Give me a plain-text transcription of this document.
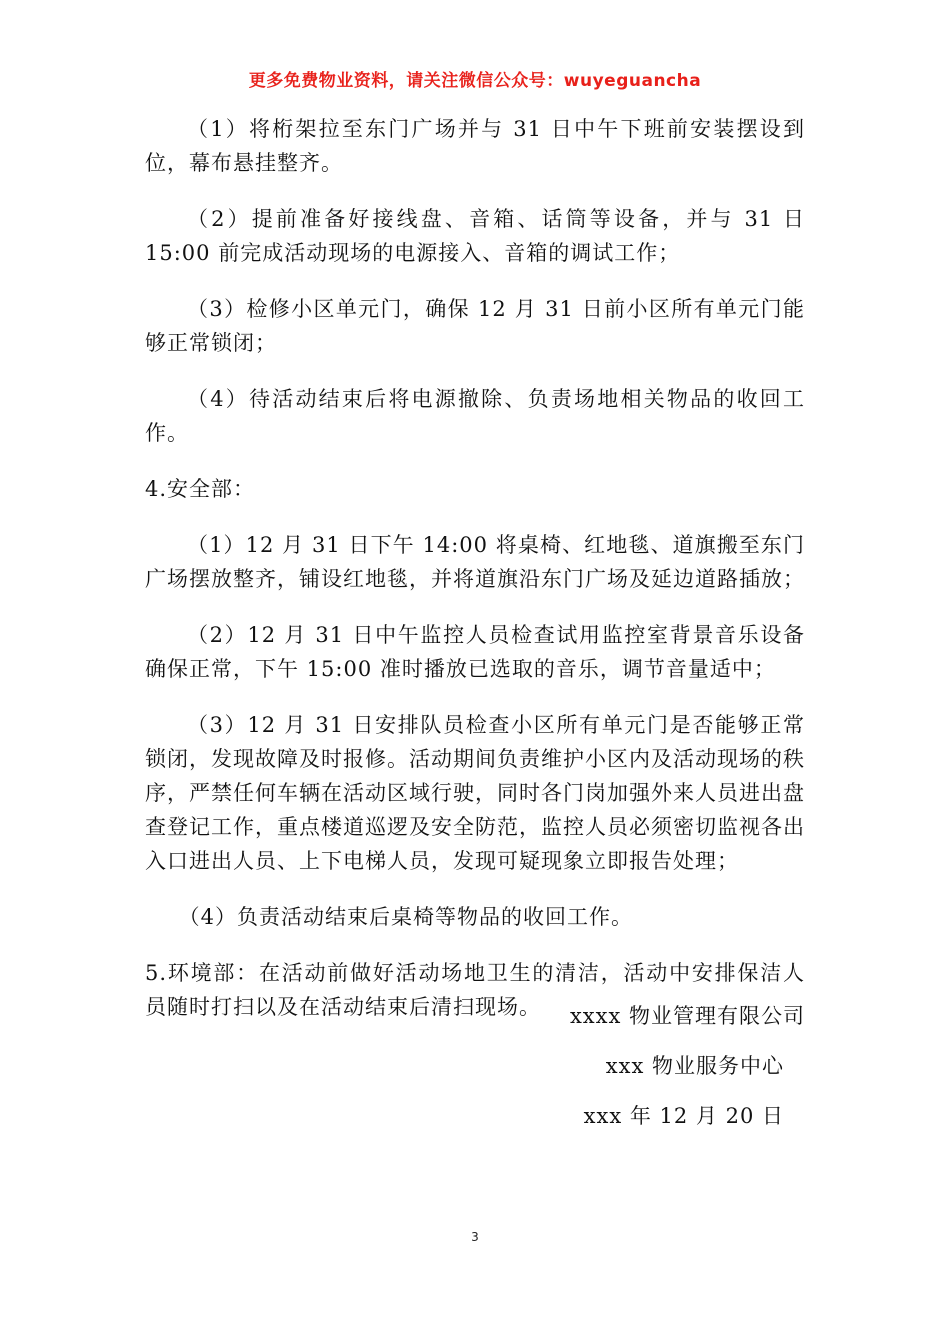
更多免费物业资料，请关注微信公众号：wuyeguancha

（1）将桁架拉至东门广场并与 31 日中午下班前安装摆设到位，幕布悬挂整齐。

（2）提前准备好接线盘、音箱、话筒等设备，并与 31 日 15:00 前完成活动现场的电源接入、音箱的调试工作；

（3）检修小区单元门，确保 12 月 31 日前小区所有单元门能够正常锁闭；

（4）待活动结束后将电源撤除、负责场地相关物品的收回工作。

4.安全部：

（1）12 月 31 日下午 14:00 将桌椅、红地毯、道旗搬至东门广场摆放整齐，铺设红地毯，并将道旗沿东门广场及延边道路插放；

（2）12 月 31 日中午监控人员检查试用监控室背景音乐设备确保正常，下午 15:00 准时播放已选取的音乐，调节音量适中；

（3）12 月 31 日安排队员检查小区所有单元门是否能够正常锁闭，发现故障及时报修。活动期间负责维护小区内及活动现场的秩序，严禁任何车辆在活动区域行驶，同时各门岗加强外来人员进出盘查登记工作，重点楼道巡逻及安全防范，监控人员必须密切监视各出入口进出人员、上下电梯人员，发现可疑现象立即报告处理；

（4）负责活动结束后桌椅等物品的收回工作。

5.环境部：在活动前做好活动场地卫生的清洁，活动中安排保洁人员随时打扫以及在活动结束后清扫现场。	xxxx 物业管理有限公司
xxx 物业服务中心
xxx 年 12 月 20 日
3
